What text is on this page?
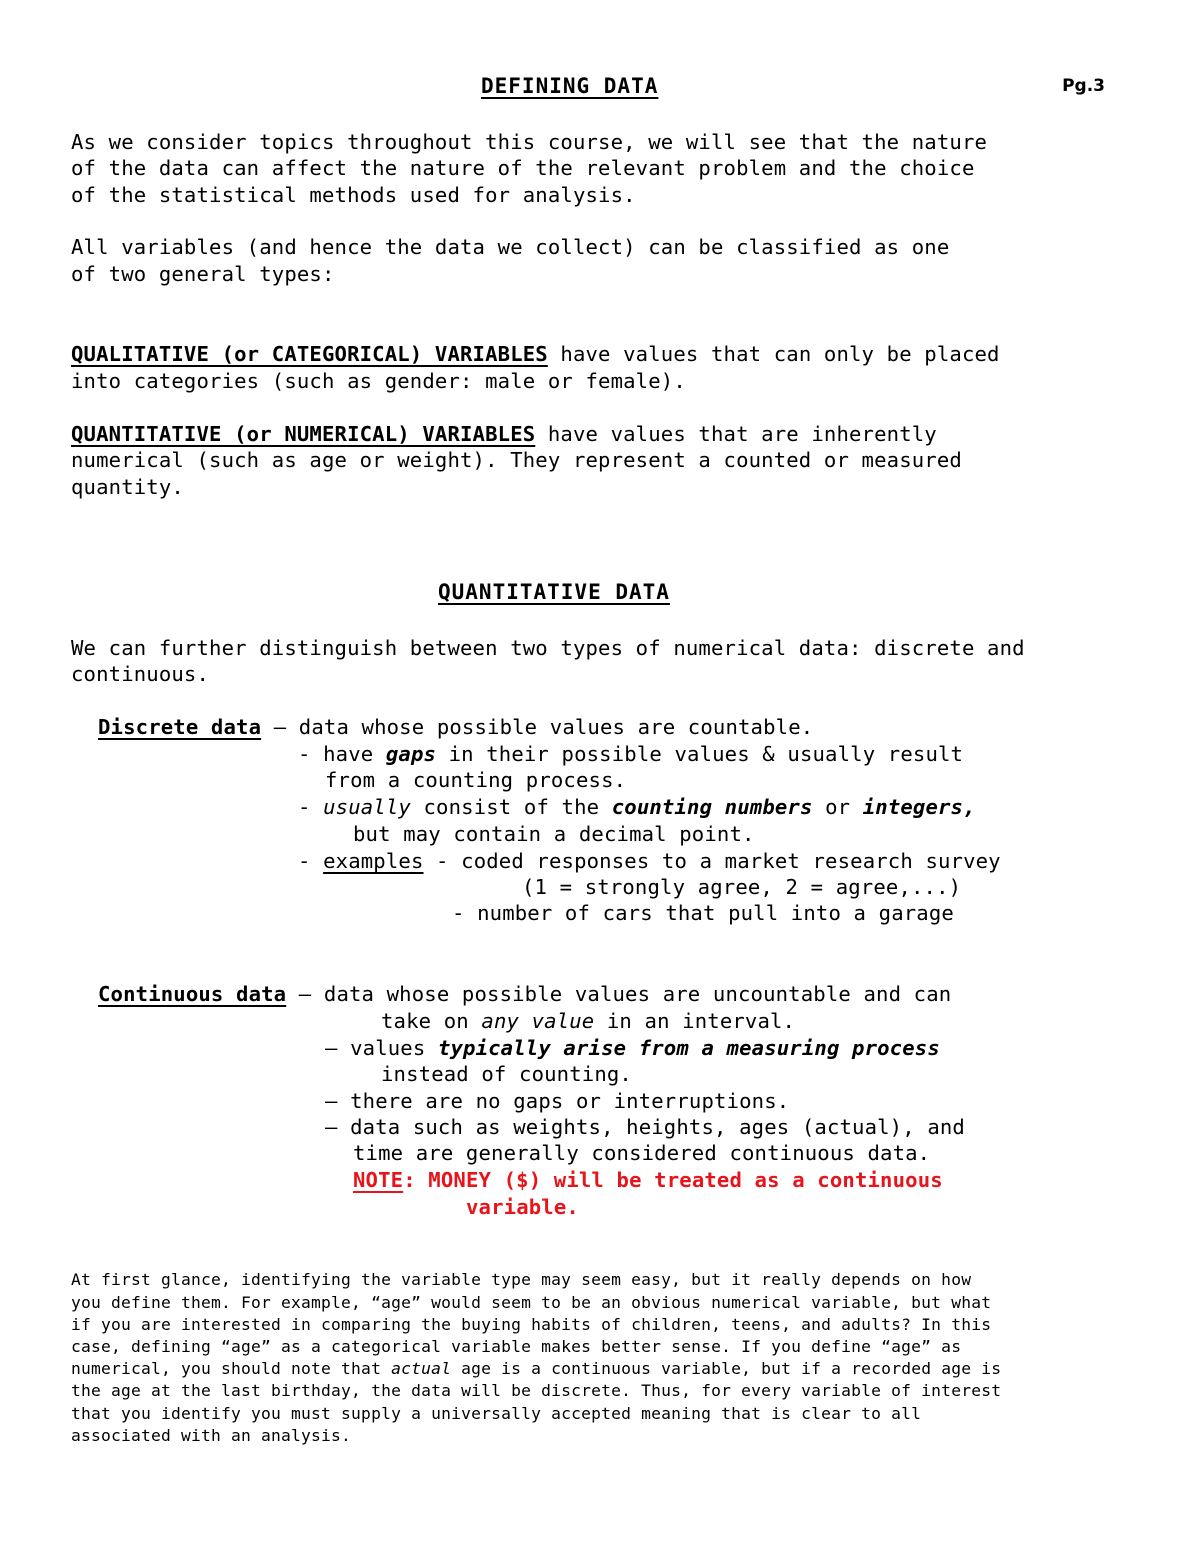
DEFINING DATA	Pg.3
As we consider topics throughout this course, we will see that the nature
of the data can affect the nature of the relevant problem and the choice
of the statistical methods used for analysis.
All variables (and hence the data we collect) can be classified as one
of two general types:
QUALITATIVE (or CATEGORICAL) VARIABLES have values that can only be placed
into categories (such as gender: male or female).
QUANTITATIVE (or NUMERICAL) VARIABLES have values that are inherently
numerical (such as age or weight). They represent a counted or measured
quantity.
QUANTITATIVE DATA
We can further distinguish between two types of numerical data: discrete and
continuous.
Discrete data – data whose possible values are countable.
- have gaps in their possible values & usually result
from a counting process.
- usually consist of the counting numbers or integers,
but may contain a decimal point.
- examples - coded responses to a market research survey
(1 = strongly agree, 2 = agree,...)
- number of cars that pull into a garage
Continuous data – data whose possible values are uncountable and can
take on any value in an interval.
– values typically arise from a measuring process
instead of counting.
– there are no gaps or interruptions.
– data such as weights, heights, ages (actual), and
time are generally considered continuous data.
NOTE: MONEY ($) will be treated as a continuous
variable.
At first glance, identifying the variable type may seem easy, but it really depends on how
you define them. For example, “age” would seem to be an obvious numerical variable, but what
if you are interested in comparing the buying habits of children, teens, and adults? In this
case, defining “age” as a categorical variable makes better sense. If you define “age” as
numerical, you should note that actual age is a continuous variable, but if a recorded age is
the age at the last birthday, the data will be discrete. Thus, for every variable of interest
that you identify you must supply a universally accepted meaning that is clear to all
associated with an analysis.
